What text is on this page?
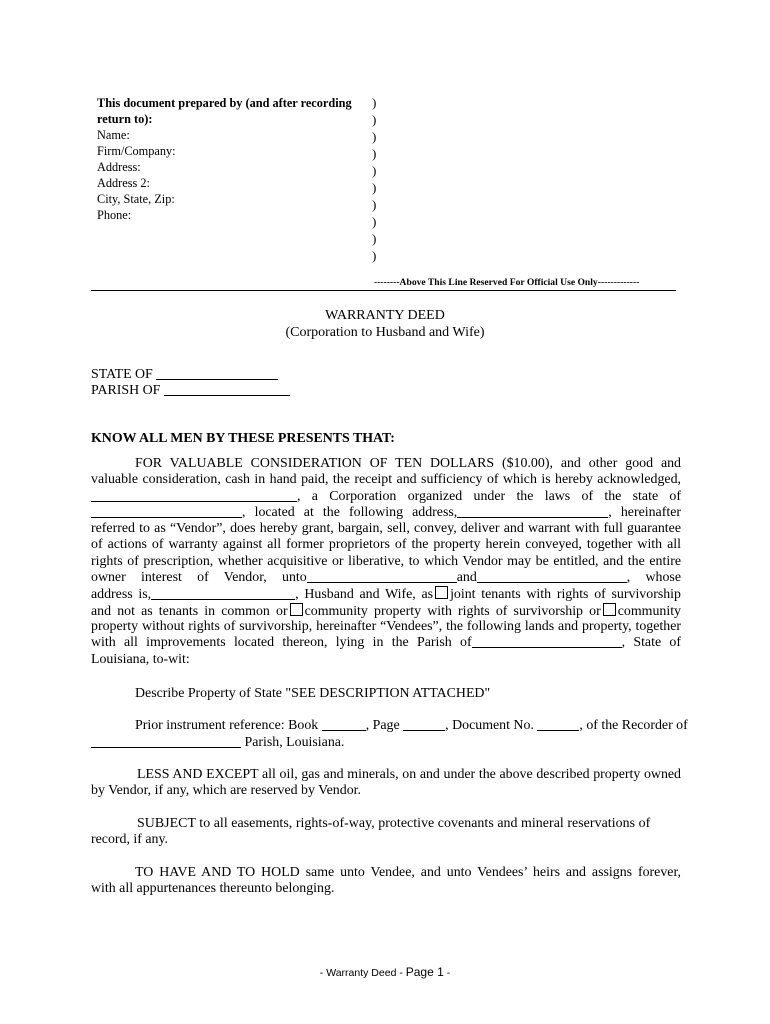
This document prepared by (and after recording
return to):
Name:
Firm/Company:
Address:
Address 2:
City, State, Zip:
Phone:
)
)
)
)
)
)
)
)
)
)
--------Above This Line Reserved For Official Use Only-------------
WARRANTY DEED
(Corporation to Husband and Wife)
STATE OF
PARISH OF
KNOW ALL MEN BY THESE PRESENTS THAT:
FOR VALUABLE CONSIDERATION OF TEN DOLLARS ($10.00), and other good and
valuable consideration, cash in hand paid, the receipt and sufficiency of which is hereby acknowledged,
, a Corporation organized under the laws of the state of
, located at the following address,	, hereinafter
referred to as “Vendor”, does hereby grant, bargain, sell, convey, deliver and warrant with full guarantee
of actions of warranty against all former proprietors of the property herein conveyed, together with all
rights of prescription, whether acquisitive or liberative, to which Vendor may be entitled, and the entire
owner interest of Vendor, unto	and	, whose
address is,	, Husband and Wife, as joint tenants with rights of survivorship
and not as tenants in common or community property with rights of survivorship or community
property without rights of survivorship, hereinafter “Vendees”, the following lands and property, together
with all improvements located thereon, lying in the Parish of	, State of
Louisiana, to-wit:
Describe Property of State "SEE DESCRIPTION ATTACHED"
Prior instrument reference: Book	, Page	, Document No.	, of the Recorder of
Parish, Louisiana.
LESS AND EXCEPT all oil, gas and minerals, on and under the above described property owned
by Vendor, if any, which are reserved by Vendor.
SUBJECT to all easements, rights-of-way, protective covenants and mineral reservations of
record, if any.
TO HAVE AND TO HOLD same unto Vendee, and unto Vendees’ heirs and assigns forever,
with all appurtenances thereunto belonging.
- Warranty Deed - Page 1 -
